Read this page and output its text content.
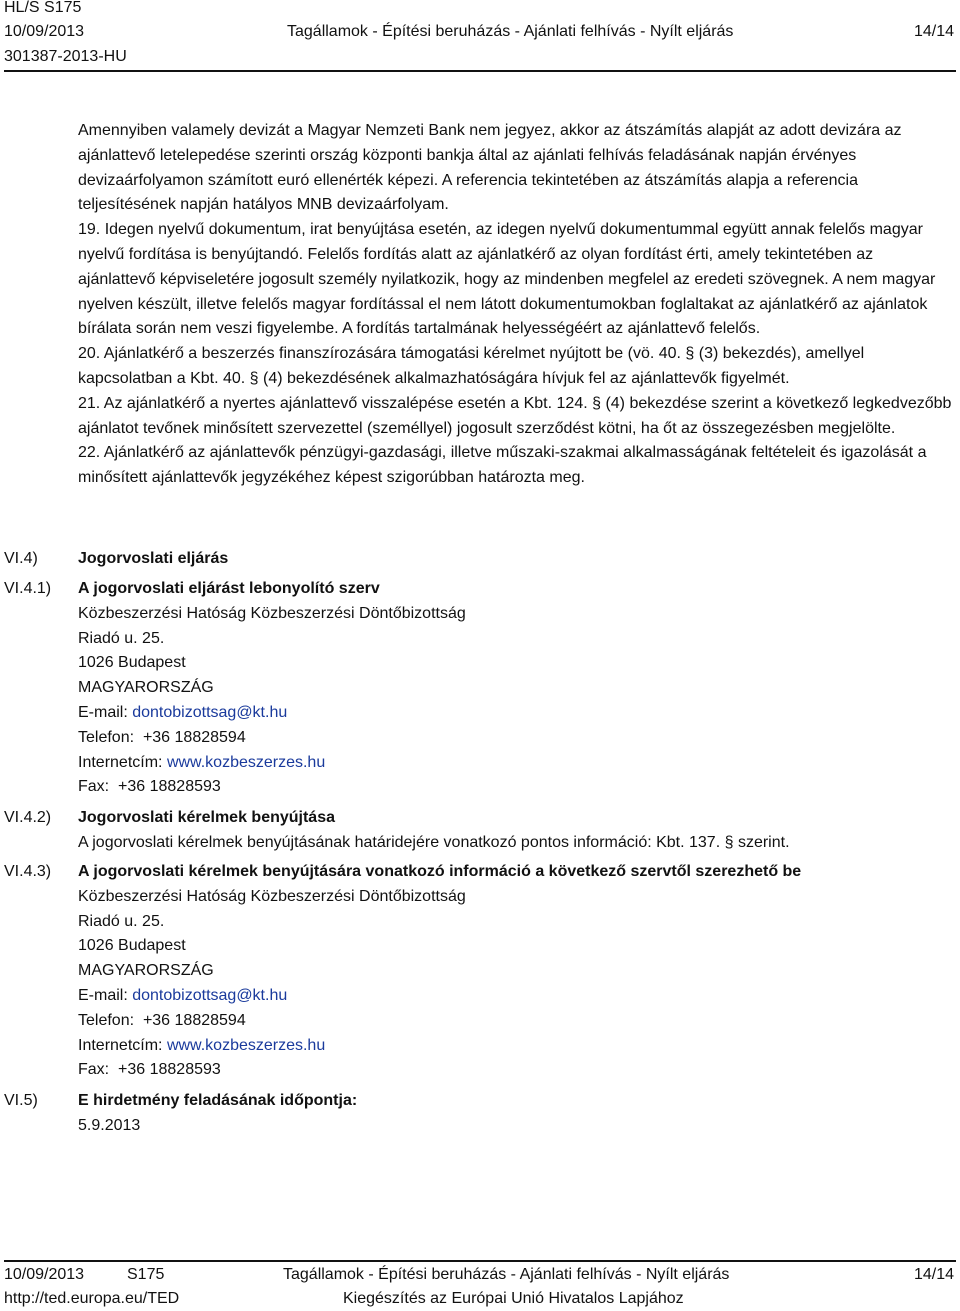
HL/S S175
10/09/2013	Tagállamok - Építési beruházás - Ajánlati felhívás - Nyílt eljárás	14/14
301387-2013-HU

Amennyiben valamely devizát a Magyar Nemzeti Bank nem jegyez, akkor az átszámítás alapját az adott devizára az ajánlattevő letelepedése szerinti ország központi bankja által az ajánlati felhívás feladásának napján érvényes devizaárfolyamon számított euró ellenérték képezi. A referencia tekintetében az átszámítás alapja a referencia teljesítésének napján hatályos MNB devizaárfolyam.

19. Idegen nyelvű dokumentum, irat benyújtása esetén, az idegen nyelvű dokumentummal együtt annak felelős magyar nyelvű fordítása is benyújtandó. Felelős fordítás alatt az ajánlatkérő az olyan fordítást érti, amely tekintetében az ajánlattevő képviseletére jogosult személy nyilatkozik, hogy az mindenben megfelel az eredeti szövegnek. A nem magyar nyelven készült, illetve felelős magyar fordítással el nem látott dokumentumokban foglaltakat az ajánlatkérő az ajánlatok bírálata során nem veszi figyelembe. A fordítás tartalmának helyességéért az ajánlattevő felelős.

20. Ajánlatkérő a beszerzés finanszírozására támogatási kérelmet nyújtott be (vö. 40. § (3) bekezdés), amellyel kapcsolatban a Kbt. 40. § (4) bekezdésének alkalmazhatóságára hívjuk fel az ajánlattevők figyelmét.

21. Az ajánlatkérő a nyertes ajánlattevő visszalépése esetén a Kbt. 124. § (4) bekezdése szerint a következő legkedvezőbb ajánlatot tevőnek minősített szervezettel (személlyel) jogosult szerződést kötni, ha őt az összegezésben megjelölte.

22. Ajánlatkérő az ajánlattevők pénzügyi-gazdasági, illetve műszaki-szakmai alkalmasságának feltételeit és igazolását a minősített ajánlattevők jegyzékéhez képest szigorúbban határozta meg.

VI.4)	Jogorvoslati eljárás
VI.4.1) A jogorvoslati eljárást lebonyolító szerv
Közbeszerzési Hatóság Közbeszerzési Döntőbizottság
Riadó u. 25.
1026 Budapest
MAGYARORSZÁG
E-mail: dontobizottsag@kt.hu
Telefon: +36 18828594
Internetcím: www.kozbeszerzes.hu
Fax: +36 18828593
VI.4.2) Jogorvoslati kérelmek benyújtása
A jogorvoslati kérelmek benyújtásának határidejére vonatkozó pontos információ: Kbt. 137. § szerint.
VI.4.3) A jogorvoslati kérelmek benyújtására vonatkozó információ a következő szervtől szerezhető be
Közbeszerzési Hatóság Közbeszerzési Döntőbizottság
Riadó u. 25.
1026 Budapest
MAGYARORSZÁG
E-mail: dontobizottsag@kt.hu
Telefon: +36 18828594
Internetcím: www.kozbeszerzes.hu
Fax: +36 18828593
VI.5)	E hirdetmény feladásának időpontja:
5.9.2013
10/09/2013	S175	Tagállamok - Építési beruházás - Ajánlati felhívás - Nyílt eljárás	14/14
http://ted.europa.eu/TED	Kiegészítés az Európai Unió Hivatalos Lapjához
